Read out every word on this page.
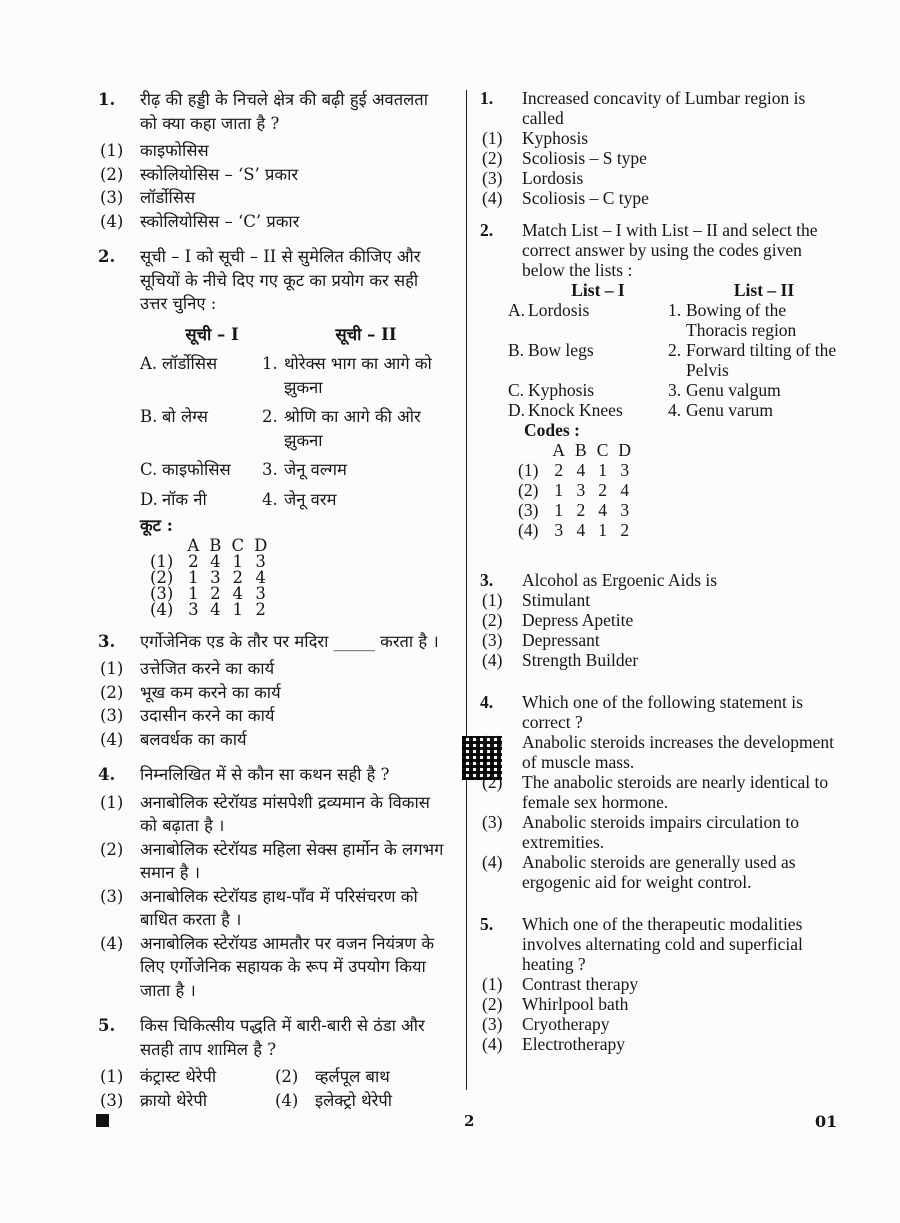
1. रीढ़ की हड्डी के निचले क्षेत्र की बढ़ी हुई अवतलता को क्या कहा जाता है ?
(1) काइफोसिस
(2) स्कोलियोसिस – ‘S’ प्रकार
(3) लॉर्डोसिस
(4) स्कोलियोसिस – ‘C’ प्रकार
2. सूची – I को सूची – II से सुमेलित कीजिए और सूचियों के नीचे दिए गए कूट का प्रयोग कर सही उत्तर चुनिए :
	सूची – I		सूची – II
A.	लॉर्डोसिस	1.	थोरेक्स भाग का आगे को झुकना
B.	बो लेग्स	2.	श्रोणि का आगे की ओर झुकना
C.	काइफोसिस	3.	जेनू वल्गम
D.	नॉक नी	4.	जेनू वरम
कूट :
	A	B	C	D
(1)	2	4	1	3
(2)	1	3	2	4
(3)	1	2	4	3
(4)	3	4	1	2
3. एर्गोजेनिक एड के तौर पर मदिरा _____ करता है ।
(1) उत्तेजित करने का कार्य
(2) भूख कम करने का कार्य
(3) उदासीन करने का कार्य
(4) बलवर्धक का कार्य
4. निम्नलिखित में से कौन सा कथन सही है ?
(1) अनाबोलिक स्टेरॉयड मांसपेशी द्रव्यमान के विकास को बढ़ाता है ।
(2) अनाबोलिक स्टेरॉयड महिला सेक्स हार्मोन के लगभग समान है ।
(3) अनाबोलिक स्टेरॉयड हाथ-पाँव में परिसंचरण को बाधित करता है ।
(4) अनाबोलिक स्टेरॉयड आमतौर पर वजन नियंत्रण के लिए एर्गोजेनिक सहायक के रूप में उपयोग किया जाता है ।
5. किस चिकित्सीय पद्धति में बारी-बारी से ठंडा और सतही ताप शामिल है ?
(1) कंट्रास्ट थेरेपी
(3) क्रायो थेरेपी
(2) व्हर्लपूल बाथ
(4) इलेक्ट्रो थेरेपी
1. Increased concavity of Lumbar region is called
(1) Kyphosis
(2) Scoliosis – S type
(3) Lordosis
(4) Scoliosis – C type
2. Match List – I with List – II and select the correct answer by using the codes given below the lists :
	List – I		List – II
A.	Lordosis	1.	Bowing of the Thoracis region
B.	Bow legs	2.	Forward tilting of the Pelvis
C.	Kyphosis	3.	Genu valgum
D.	Knock Knees	4.	Genu varum
Codes :
	A	B	C	D
(1)	2	4	1	3
(2)	1	3	2	4
(3)	1	2	4	3
(4)	3	4	1	2
3. Alcohol as Ergoenic Aids is
(1) Stimulant
(2) Depress Apetite
(3) Depressant
(4) Strength Builder
4. Which one of the following statement is correct ?
(1) Anabolic steroids increases the development of muscle mass.
(2) The anabolic steroids are nearly identical to female sex hormone.
(3) Anabolic steroids impairs circulation to extremities.
(4) Anabolic steroids are generally used as ergogenic aid for weight control.
5. Which one of the therapeutic modalities involves alternating cold and superficial heating ?
(1) Contrast therapy
(2) Whirlpool bath
(3) Cryotherapy
(4) Electrotherapy
2	01
